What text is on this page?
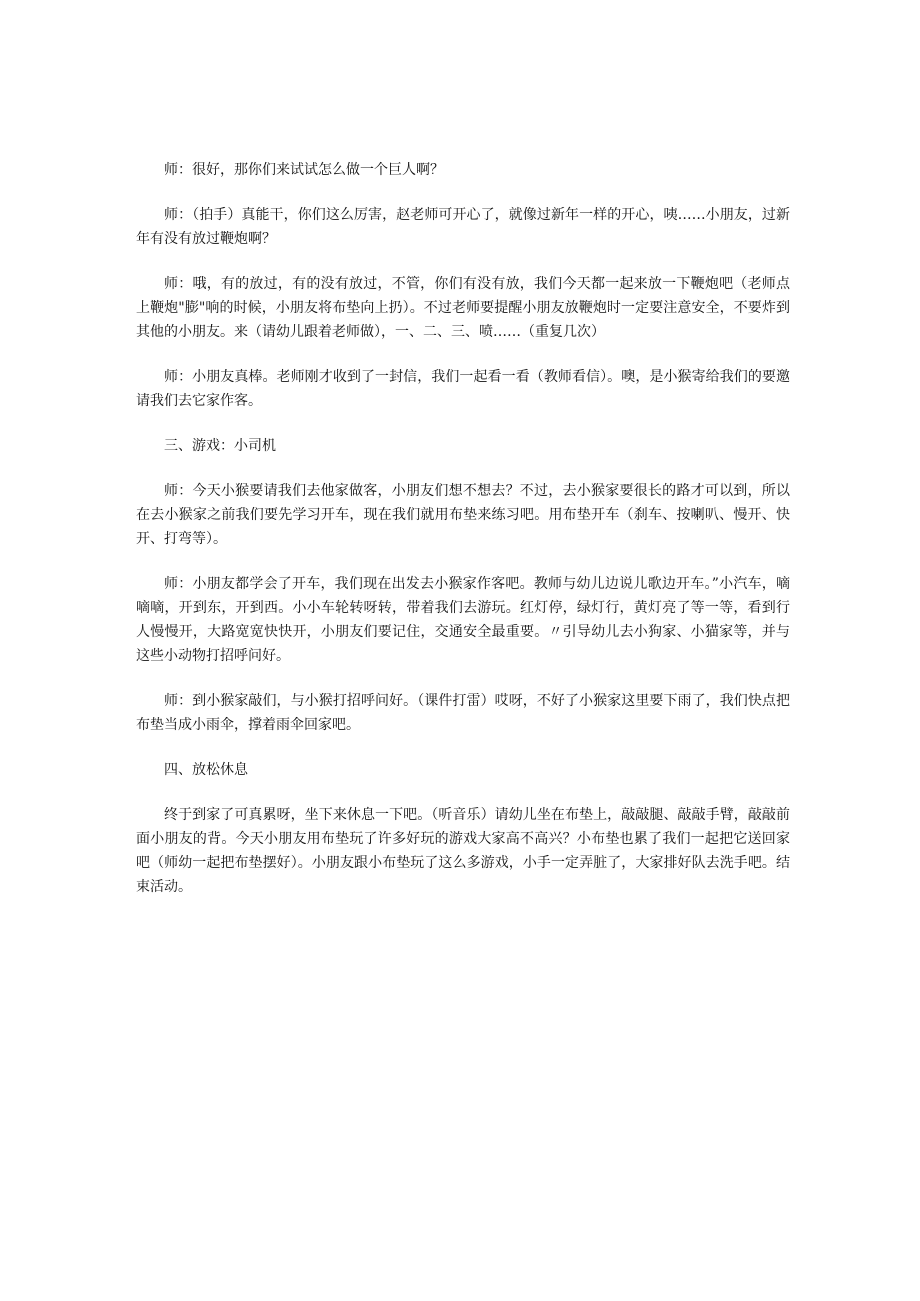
师：很好，那你们来试试怎么做一个巨人啊？

师：（拍手）真能干，你们这么厉害，赵老师可开心了，就像过新年一样的开心，咦……小朋友，过新年有没有放过鞭炮啊？

师：哦，有的放过，有的没有放过，不管，你们有没有放，我们今天都一起来放一下鞭炮吧（老师点上鞭炮"膨"响的时候，小朋友将布垫向上扔）。不过老师要提醒小朋友放鞭炮时一定要注意安全，不要炸到其他的小朋友。来（请幼儿跟着老师做），一、二、三、喷……（重复几次）

师：小朋友真棒。老师刚才收到了一封信，我们一起看一看（教师看信）。噢，是小猴寄给我们的要邀请我们去它家作客。

三、游戏：小司机

师：今天小猴要请我们去他家做客，小朋友们想不想去？不过，去小猴家要很长的路才可以到，所以在去小猴家之前我们要先学习开车，现在我们就用布垫来练习吧。用布垫开车（刹车、按喇叭、慢开、快开、打弯等）。

师：小朋友都学会了开车，我们现在出发去小猴家作客吧。教师与幼儿边说儿歌边开车。”小汽车，嘀嘀嘀，开到东，开到西。小小车轮转呀转，带着我们去游玩。红灯停，绿灯行，黄灯亮了等一等，看到行人慢慢开，大路宽宽快快开，小朋友们要记住，交通安全最重要。〃引导幼儿去小狗家、小猫家等，并与这些小动物打招呼问好。

师：到小猴家敲们，与小猴打招呼问好。（课件打雷）哎呀，不好了小猴家这里要下雨了，我们快点把布垫当成小雨伞，撑着雨伞回家吧。

四、放松休息

终于到家了可真累呀，坐下来休息一下吧。（听音乐）请幼儿坐在布垫上，敲敲腿、敲敲手臂，敲敲前面小朋友的背。今天小朋友用布垫玩了许多好玩的游戏大家高不高兴？小布垫也累了我们一起把它送回家吧（师幼一起把布垫摆好）。小朋友跟小布垫玩了这么多游戏，小手一定弄脏了，大家排好队去洗手吧。结束活动。
